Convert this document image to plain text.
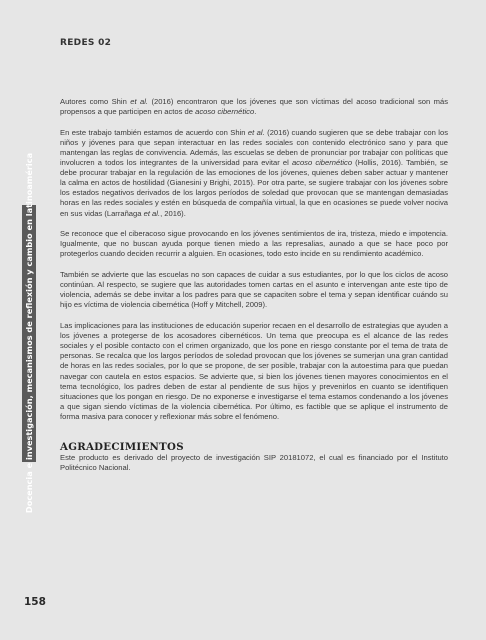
REDES 02
Docencia e investigación, mecanismos de reflexión y cambio en latinoamérica

Autores como Shin et al. (2016) encontraron que los jóvenes que son víctimas del acoso tradicional son más propensos a que participen en actos de acoso cibernético.

En este trabajo también estamos de acuerdo con Shin et al. (2016) cuando sugieren que se debe trabajar con los niños y jóvenes para que sepan interactuar en las redes sociales con contenido electrónico sano y para que mantengan las reglas de convivencia. Además, las escuelas se deben de pronunciar por trabajar con políticas que involucren a todos los integrantes de la universidad para evitar el acoso cibernético (Hollis, 2016). También, se debe procurar trabajar en la regulación de las emociones de los jóvenes, quienes deben saber actuar y mantener la calma en actos de hostilidad (Gianesini y Brighi, 2015). Por otra parte, se sugiere trabajar con los jóvenes sobre los estados negativos derivados de los largos períodos de soledad que provocan que se mantengan demasiadas horas en las redes sociales y estén en búsqueda de compañía virtual, la que en ocasiones se puede volver nociva en sus vidas (Larrañaga et al., 2016).

Se reconoce que el ciberacoso sigue provocando en los jóvenes sentimientos de ira, tristeza, miedo e impotencia. Igualmente, que no buscan ayuda porque tienen miedo a las represalias, aunado a que se hace poco por protegerlos cuando deciden recurrir a alguien. En ocasiones, todo esto incide en su rendimiento académico.

También se advierte que las escuelas no son capaces de cuidar a sus estudiantes, por lo que los ciclos de acoso continúan. Al respecto, se sugiere que las autoridades tomen cartas en el asunto e intervengan ante este tipo de violencia, además se debe invitar a los padres para que se capaciten sobre el tema y sepan identificar cuándo su hijo es víctima de violencia cibernética (Hoff y Mitchell, 2009).

Las implicaciones para las instituciones de educación superior recaen en el desarrollo de estrategias que ayuden a los jóvenes a protegerse de los acosadores cibernéticos. Un tema que preocupa es el alcance de las redes sociales y el posible contacto con el crimen organizado, que los pone en riesgo constante por el tema de trata de personas. Se recalca que los largos períodos de soledad provocan que los jóvenes se sumerjan una gran cantidad de horas en las redes sociales, por lo que se propone, de ser posible, trabajar con la autoestima para que puedan navegar con cautela en estos espacios. Se advierte que, si bien los jóvenes tienen mayores conocimientos en el tema tecnológico, los padres deben de estar al pendiente de sus hijos y prevenirlos en cuanto se identifiquen situaciones que los pongan en riesgo. De no exponerse e investigarse el tema estamos condenando a los jóvenes a que sigan siendo víctimas de la violencia cibernética. Por último, es factible que se aplique el instrumento de forma masiva para conocer y reflexionar más sobre el fenómeno.

AGRADECIMIENTOS

Este producto es derivado del proyecto de investigación SIP 20181072, el cual es financiado por el Instituto Politécnico Nacional.

158
